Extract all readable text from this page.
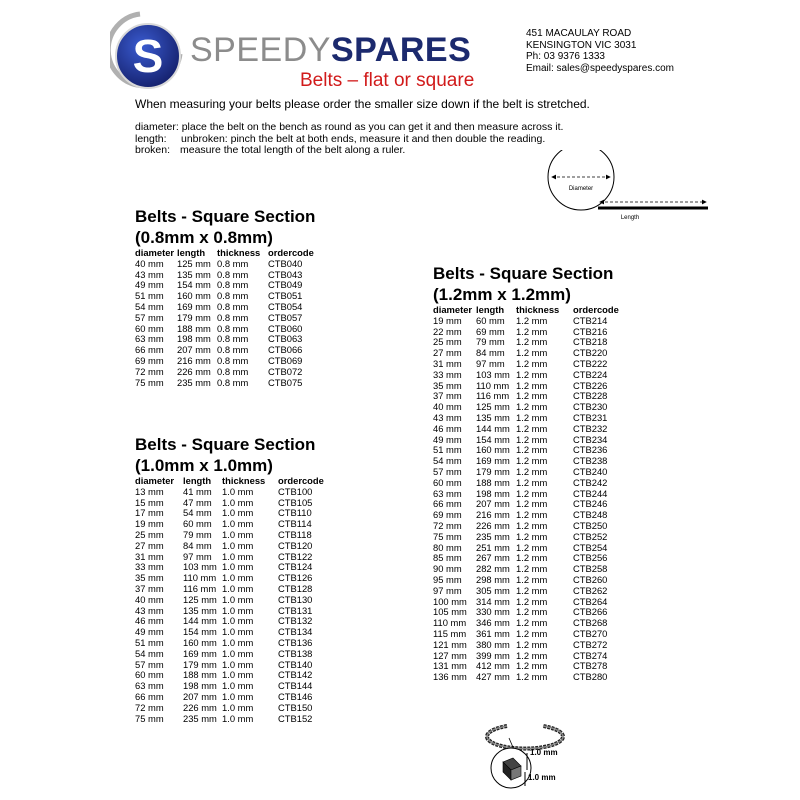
S SPEEDYSPARES
Belts – flat or square
451 MACAULAY ROAD
KENSINGTON VIC 3031
Ph: 03 9376 1333
Email: sales@speedyspares.com
When measuring your belts please order the smaller size down if the belt is stretched.
diameter: place the belt on the bench as round as you can get it and then measure across it.
length: unbroken: pinch the belt at both ends, measure it and then double the reading.
broken: measure the total length of the belt along a ruler.
Diameter
Length
Belts - Square Section
(0.8mm x 0.8mm)
diameter	length	thickness	ordercode
40 mm	125 mm	0.8 mm	CTB040
43 mm	135 mm	0.8 mm	CTB043
49 mm	154 mm	0.8 mm	CTB049
51 mm	160 mm	0.8 mm	CTB051
54 mm	169 mm	0.8 mm	CTB054
57 mm	179 mm	0.8 mm	CTB057
60 mm	188 mm	0.8 mm	CTB060
63 mm	198 mm	0.8 mm	CTB063
66 mm	207 mm	0.8 mm	CTB066
69 mm	216 mm	0.8 mm	CTB069
72 mm	226 mm	0.8 mm	CTB072
75 mm	235 mm	0.8 mm	CTB075
Belts - Square Section
(1.0mm x 1.0mm)
diameter	length	thickness	ordercode
13 mm	41 mm	1.0 mm	CTB100
15 mm	47 mm	1.0 mm	CTB105
17 mm	54 mm	1.0 mm	CTB110
19 mm	60 mm	1.0 mm	CTB114
25 mm	79 mm	1.0 mm	CTB118
27 mm	84 mm	1.0 mm	CTB120
31 mm	97 mm	1.0 mm	CTB122
33 mm	103 mm	1.0 mm	CTB124
35 mm	110 mm	1.0 mm	CTB126
37 mm	116 mm	1.0 mm	CTB128
40 mm	125 mm	1.0 mm	CTB130
43 mm	135 mm	1.0 mm	CTB131
46 mm	144 mm	1.0 mm	CTB132
49 mm	154 mm	1.0 mm	CTB134
51 mm	160 mm	1.0 mm	CTB136
54 mm	169 mm	1.0 mm	CTB138
57 mm	179 mm	1.0 mm	CTB140
60 mm	188 mm	1.0 mm	CTB142
63 mm	198 mm	1.0 mm	CTB144
66 mm	207 mm	1.0 mm	CTB146
72 mm	226 mm	1.0 mm	CTB150
75 mm	235 mm	1.0 mm	CTB152
Belts - Square Section
(1.2mm x 1.2mm)
diameter	length	thickness	ordercode
19 mm	60 mm	1.2 mm	CTB214
22 mm	69 mm	1.2 mm	CTB216
25 mm	79 mm	1.2 mm	CTB218
27 mm	84 mm	1.2 mm	CTB220
31 mm	97 mm	1.2 mm	CTB222
33 mm	103 mm	1.2 mm	CTB224
35 mm	110 mm	1.2 mm	CTB226
37 mm	116 mm	1.2 mm	CTB228
40 mm	125 mm	1.2 mm	CTB230
43 mm	135 mm	1.2 mm	CTB231
46 mm	144 mm	1.2 mm	CTB232
49 mm	154 mm	1.2 mm	CTB234
51 mm	160 mm	1.2 mm	CTB236
54 mm	169 mm	1.2 mm	CTB238
57 mm	179 mm	1.2 mm	CTB240
60 mm	188 mm	1.2 mm	CTB242
63 mm	198 mm	1.2 mm	CTB244
66 mm	207 mm	1.2 mm	CTB246
69 mm	216 mm	1.2 mm	CTB248
72 mm	226 mm	1.2 mm	CTB250
75 mm	235 mm	1.2 mm	CTB252
80 mm	251 mm	1.2 mm	CTB254
85 mm	267 mm	1.2 mm	CTB256
90 mm	282 mm	1.2 mm	CTB258
95 mm	298 mm	1.2 mm	CTB260
97 mm	305 mm	1.2 mm	CTB262
100 mm	314 mm	1.2 mm	CTB264
105 mm	330 mm	1.2 mm	CTB266
110 mm	346 mm	1.2 mm	CTB268
115 mm	361 mm	1.2 mm	CTB270
121 mm	380 mm	1.2 mm	CTB272
127 mm	399 mm	1.2 mm	CTB274
131 mm	412 mm	1.2 mm	CTB278
136 mm	427 mm	1.2 mm	CTB280
1.0 mm
1.0 mm
